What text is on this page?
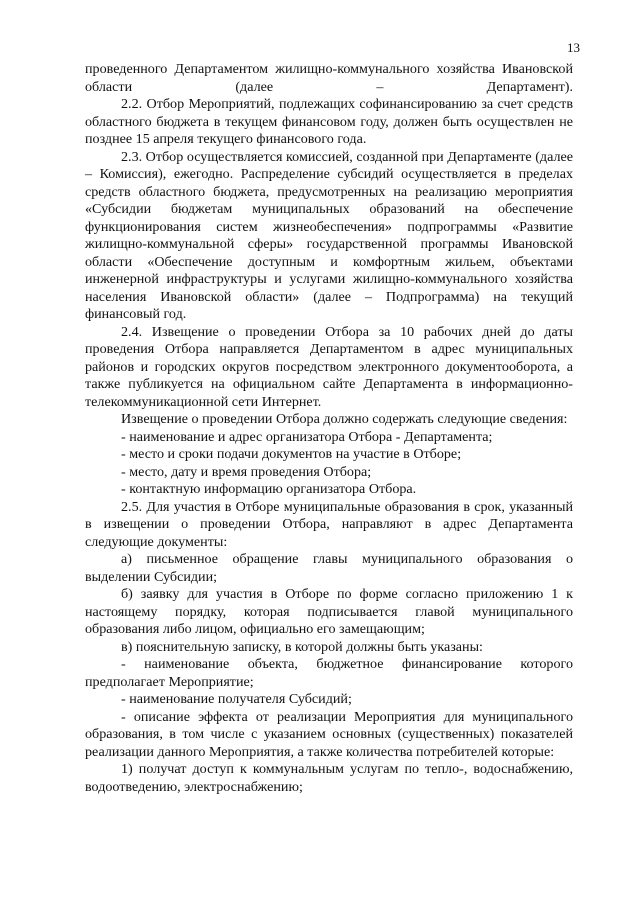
13

проведенного Департаментом жилищно-коммунального хозяйства Ивановской области (далее – Департамент).

2.2. Отбор Мероприятий, подлежащих софинансированию за счет средств областного бюджета в текущем финансовом году, должен быть осуществлен не позднее 15 апреля текущего финансового года.

2.3. Отбор осуществляется комиссией, созданной при Департаменте (далее – Комиссия), ежегодно. Распределение субсидий осуществляется в пределах средств областного бюджета, предусмотренных на реализацию мероприятия «Субсидии бюджетам муниципальных образований на обеспечение функционирования систем жизнеобеспечения» подпрограммы «Развитие жилищно-коммунальной сферы» государственной программы Ивановской области «Обеспечение доступным и комфортным жильем, объектами инженерной инфраструктуры и услугами жилищно-коммунального хозяйства населения Ивановской области» (далее – Подпрограмма) на текущий финансовый год.

2.4. Извещение о проведении Отбора за 10 рабочих дней до даты проведения Отбора направляется Департаментом в адрес муниципальных районов и городских округов посредством электронного документооборота, а также публикуется на официальном сайте Департамента в информационно-телекоммуникационной сети Интернет.

Извещение о проведении Отбора должно содержать следующие сведения:

- наименование и адрес организатора Отбора - Департамента;

- место и сроки подачи документов на участие в Отборе;

- место, дату и время проведения Отбора;

- контактную информацию организатора Отбора.

2.5. Для участия в Отборе муниципальные образования в срок, указанный в извещении о проведении Отбора, направляют в адрес Департамента следующие документы:

а) письменное обращение главы муниципального образования о выделении Субсидии;

б) заявку для участия в Отборе по форме согласно приложению 1 к настоящему порядку, которая подписывается главой муниципального образования либо лицом, официально его замещающим;

в) пояснительную записку, в которой должны быть указаны:

- наименование объекта, бюджетное финансирование которого предполагает Мероприятие;

- наименование получателя Субсидий;

- описание эффекта от реализации Мероприятия для муниципального образования, в том числе с указанием основных (существенных) показателей реализации данного Мероприятия, а также количества потребителей которые:

1) получат доступ к коммунальным услугам по тепло-, водоснабжению, водоотведению, электроснабжению;
